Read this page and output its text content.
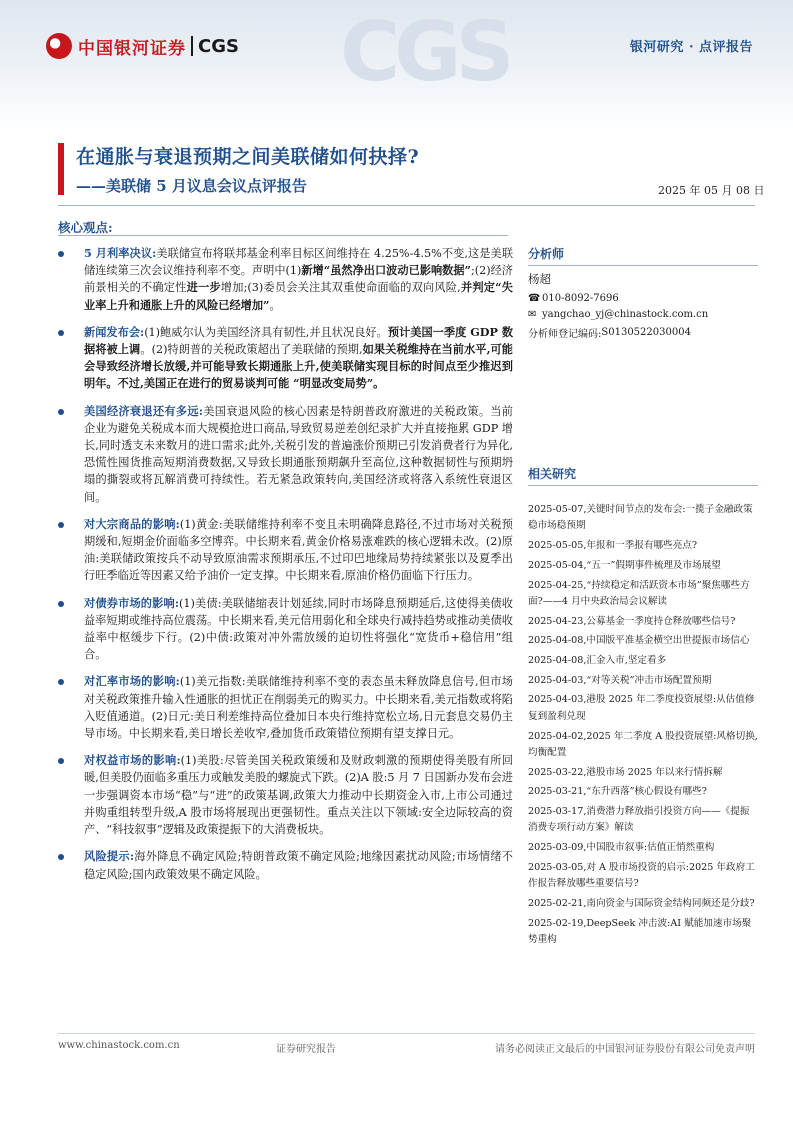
CGS
中国银河证券 CGS	银河研究 · 点评报告
在通胀与衰退预期之间美联储如何抉择?
——美联储 5 月议息会议点评报告	2025 年 05 月 08 日
核心观点:
5 月利率决议:美联储宣布将联邦基金利率目标区间维持在 4.25%-4.5%不变,这是美联储连续第三次会议维持利率不变。声明中(1)新增“虽然净出口波动已影响数据”;(2)经济前景相关的不确定性进一步增加;(3)委员会关注其双重使命面临的双向风险,并判定“失业率上升和通胀上升的风险已经增加”。
新闻发布会:(1)鲍威尔认为美国经济具有韧性,并且状况良好。预计美国一季度 GDP 数据将被上调。(2)特朗普的关税政策超出了美联储的预期,如果关税维持在当前水平,可能会导致经济增长放缓,并可能导致长期通胀上升,使美联储实现目标的时间点至少推迟到明年。不过,美国正在进行的贸易谈判可能 “明显改变局势”。
美国经济衰退还有多远:美国衰退风险的核心因素是特朗普政府激进的关税政策。当前企业为避免关税成本而大规模抢进口商品,导致贸易逆差创纪录扩大并直接拖累 GDP 增长,同时透支未来数月的进口需求;此外,关税引发的普遍涨价预期已引发消费者行为异化,恐慌性囤货推高短期消费数据,又导致长期通胀预期飙升至高位,这种数据韧性与预期坍塌的撕裂或将瓦解消费可持续性。若无紧急政策转向,美国经济或将落入系统性衰退区间。
对大宗商品的影响:(1)黄金:美联储维持利率不变且未明确降息路径,不过市场对关税预期缓和,短期金价面临多空博弈。中长期来看,黄金价格易涨难跌的核心逻辑未改。(2)原油:美联储政策按兵不动导致原油需求预期承压,不过印巴地缘局势持续紧张以及夏季出行旺季临近等因素又给予油价一定支撑。中长期来看,原油价格仍面临下行压力。
对债券市场的影响:(1)美债:美联储缩表计划延续,同时市场降息预期延后,这使得美债收益率短期或维持高位震荡。中长期来看,美元信用弱化和全球央行减持趋势或推动美债收益率中枢缓步下行。(2)中债:政策对冲外需放缓的迫切性将强化“宽货币+稳信用”组合。
对汇率市场的影响:(1)美元指数:美联储维持利率不变的表态虽未释放降息信号,但市场对关税政策推升输入性通胀的担忧正在削弱美元的购买力。中长期来看,美元指数或将陷入贬值通道。(2)日元:美日利差维持高位叠加日本央行维持宽松立场,日元套息交易仍主导市场。中长期来看,美日增长差收窄,叠加货币政策错位预期有望支撑日元。
对权益市场的影响:(1)美股:尽管美国关税政策缓和及财政刺激的预期使得美股有所回暖,但美股仍面临多重压力或触发美股的螺旋式下跌。(2)A 股:5 月 7 日国新办发布会进一步强调资本市场“稳”与“进”的政策基调,政策大力推动中长期资金入市,上市公司通过并购重组转型升级,A 股市场将展现出更强韧性。重点关注以下领域:安全边际较高的资产、“科技叙事”逻辑及政策提振下的大消费板块。
风险提示:海外降息不确定风险;特朗普政策不确定风险;地缘因素扰动风险;市场情绪不稳定风险;国内政策效果不确定风险。
分析师
杨超
☎ 010-8092-7696
✉ yangchao_yj@chinastock.com.cn
分析师登记编码: S0130522030004
相关研究
2025-05-07,关键时间节点的发布会:一揽子金融政策稳市场稳预期
2025-05-05,年报和一季报有哪些亮点?
2025-05-04,“五一”假期事件梳理及市场展望
2025-04-25,“持续稳定和活跃资本市场”聚焦哪些方面?——4 月中央政治局会议解读
2025-04-23,公募基金一季度持仓释放哪些信号?
2025-04-08,中国版平准基金横空出世提振市场信心
2025-04-08,汇金入市,坚定看多
2025-04-03,“对等关税”冲击市场配置预期
2025-04-03,港股 2025 年二季度投资展望:从估值修复到盈利兑现
2025-04-02,2025 年二季度 A 股投资展望:风格切换,均衡配置
2025-03-22,港股市场 2025 年以来行情拆解
2025-03-21,“东升西落”核心假设有哪些?
2025-03-17,消费潜力释放指引投资方向——《提振消费专项行动方案》解读
2025-03-09,中国股市叙事:估值正悄然重构
2025-03-05,对 A 股市场投资的启示:2025 年政府工作报告释放哪些重要信号?
2025-02-21,南向资金与国际资金结构同频还是分歧?
2025-02-19,DeepSeek 冲击波:AI 赋能加速市场聚势重构
www.chinastock.com.cn	证券研究报告	请务必阅读正文最后的中国银河证券股份有限公司免责声明
